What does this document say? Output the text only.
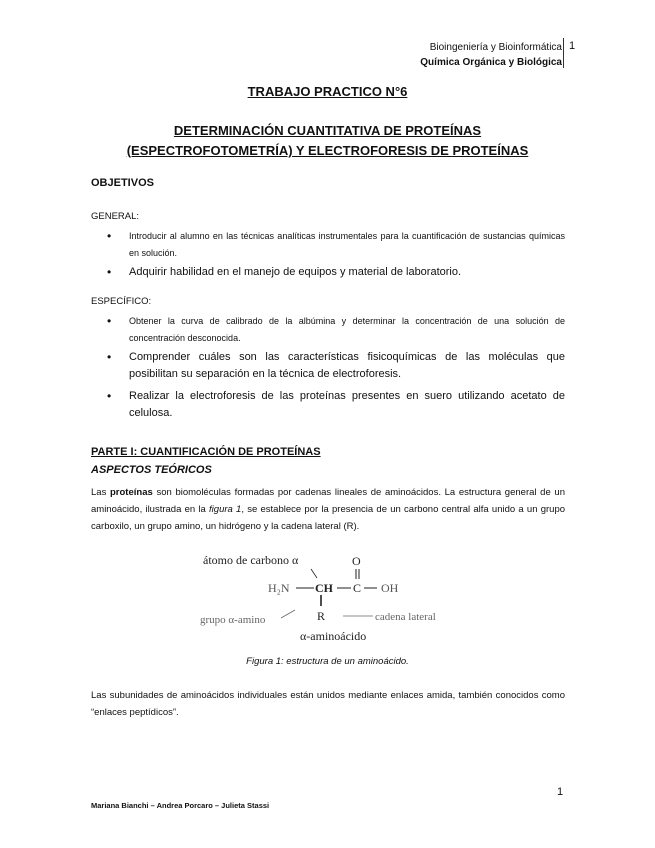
Bioingeniería y Bioinformática
Química Orgánica y Biológica
1
TRABAJO PRACTICO N°6
DETERMINACIÓN CUANTITATIVA DE PROTEÍNAS (ESPECTROFOTOMETRÍA) Y ELECTROFORESIS DE PROTEÍNAS
OBJETIVOS
GENERAL:
• Introducir al alumno en las técnicas analíticas instrumentales para la cuantificación de sustancias químicas en solución.
• Adquirir habilidad en el manejo de equipos y material de laboratorio.
ESPECÍFICO:
• Obtener la curva de calibrado de la albúmina y determinar la concentración de una solución de concentración desconocida.
• Comprender cuáles son las características fisicoquímicas de las moléculas que posibilitan su separación en la técnica de electroforesis.
• Realizar la electroforesis de las proteínas presentes en suero utilizando acetato de celulosa.
PARTE I: CUANTIFICACIÓN DE PROTEÍNAS
ASPECTOS TEÓRICOS
Las proteínas son biomoléculas formadas por cadenas lineales de aminoácidos. La estructura general de un aminoácido, ilustrada en la figura 1, se establece por la presencia de un carbono central alfa unido a un grupo carboxilo, un grupo amino, un hidrógeno y la cadena lateral (R).
átomo de carbono α	O
H₂N CH C OH
R
grupo α-amino	cadena lateral
α-aminoácido
Figura 1: estructura de un aminoácido.
Las subunidades de aminoácidos individuales están unidos mediante enlaces amida, también conocidos como “enlaces peptídicos”.
1
Mariana Bianchi – Andrea Porcaro – Julieta Stassi
